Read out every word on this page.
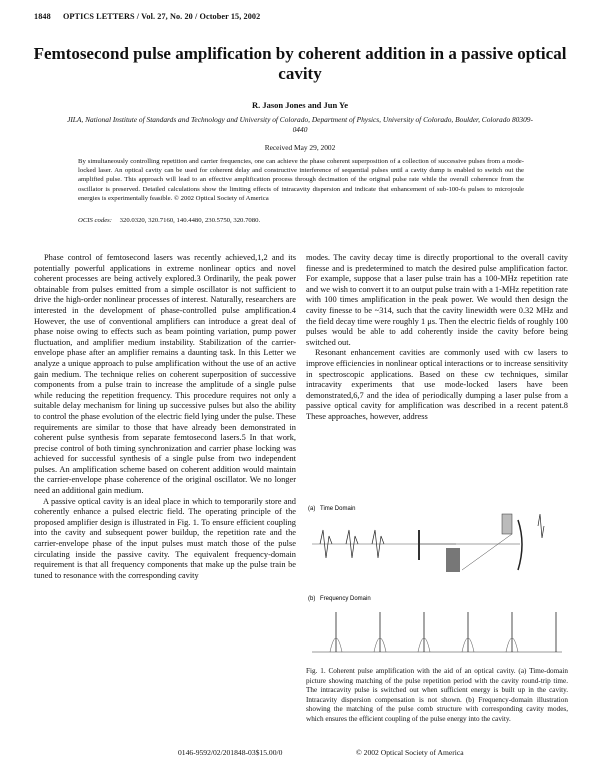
1848 OPTICS LETTERS / Vol. 27, No. 20 / October 15, 2002
Femtosecond pulse amplification by coherent addition in a passive optical cavity
R. Jason Jones and Jun Ye
JILA, National Institute of Standards and Technology and University of Colorado, Department of Physics, University of Colorado, Boulder, Colorado 80309-0440
Received May 29, 2002
By simultaneously controlling repetition and carrier frequencies, one can achieve the phase coherent superposition of a collection of successive pulses from a mode-locked laser. An optical cavity can be used for coherent delay and constructive interference of sequential pulses until a cavity dump is enabled to switch out the amplified pulse. This approach will lead to an effective amplification process through decimation of the original pulse rate while the overall coherence from the oscillator is preserved. Detailed calculations show the limiting effects of intracavity dispersion and indicate that enhancement of sub-100-fs pulses to microjoule energies is experimentally feasible. © 2002 Optical Society of America
OCIS codes: 320.0320, 320.7160, 140.4480, 230.5750, 320.7080.

Phase control of femtosecond lasers was recently achieved,1,2 and its potentially powerful applications in extreme nonlinear optics and novel coherent processes are being actively explored.3 Ordinarily, the peak power obtainable from pulses emitted from a simple oscillator is not sufficient to drive the high-order nonlinear processes of interest. Naturally, researchers are interested in the development of phase-controlled pulse amplification.4 However, the use of conventional amplifiers can introduce a great deal of phase noise owing to effects such as beam pointing variation, pump power fluctuation, and amplifier medium instability. Stabilization of the carrier-envelope phase after an amplifier remains a daunting task. In this Letter we analyze a unique approach to pulse amplification without the use of an active gain medium. The technique relies on coherent superposition of successive components from a pulse train to increase the amplitude of a single pulse while reducing the repetition frequency. This procedure requires not only a suitable delay mechanism for lining up successive pulses but also the ability to control the phase evolution of the electric field lying under the pulse. These requirements are similar to those that have already been demonstrated in coherent pulse synthesis from separate femtosecond lasers.5 In that work, precise control of both timing synchronization and carrier phase locking was achieved for successful synthesis of a single pulse from two independent pulses. An amplification scheme based on coherent addition would maintain the carrier-envelope phase coherence of the original oscillator. We no longer need an additional gain medium.

A passive optical cavity is an ideal place in which to temporarily store and coherently enhance a pulsed electric field. The operating principle of the proposed amplifier design is illustrated in Fig. 1. To ensure efficient coupling into the cavity and subsequent power buildup, the repetition rate and the carrier-envelope phase of the input pulses must match those of the pulse circulating inside the passive cavity. The equivalent frequency-domain requirement is that all frequency components that make up the pulse train be tuned to resonance with the corresponding cavity

modes. The cavity decay time is directly proportional to the overall cavity finesse and is predetermined to match the desired pulse amplification factor. For example, suppose that a laser pulse train has a 100-MHz repetition rate and we wish to convert it to an output pulse train with a 1-MHz repetition rate with 100 times amplification in the peak power. We would then design the cavity finesse to be ~314, such that the cavity linewidth were 0.32 MHz and the field decay time were roughly 1 μs. Then the electric fields of roughly 100 pulses would be able to add coherently inside the cavity before being switched out.

Resonant enhancement cavities are commonly used with cw lasers to improve efficiencies in nonlinear optical interactions or to increase sensitivity in spectroscopic applications. Based on these cw techniques, similar intracavity experiments that use mode-locked lasers have been demonstrated,6,7 and the idea of periodically dumping a laser pulse from a passive optical cavity for amplification was described in a recent patent.8 These approaches, however, address

(a) Time Domain
(b) Frequency Domain
Fig. 1. Coherent pulse amplification with the aid of an optical cavity. (a) Time-domain picture showing matching of the pulse repetition period with the cavity round-trip time. The intracavity pulse is switched out when sufficient energy is built up in the cavity. Intracavity dispersion compensation is not shown. (b) Frequency-domain illustration showing the matching of the pulse comb structure with corresponding cavity modes, which ensures the efficient coupling of the pulse energy into the cavity.
0146-9592/02/201848-03$15.00/0	© 2002 Optical Society of America
